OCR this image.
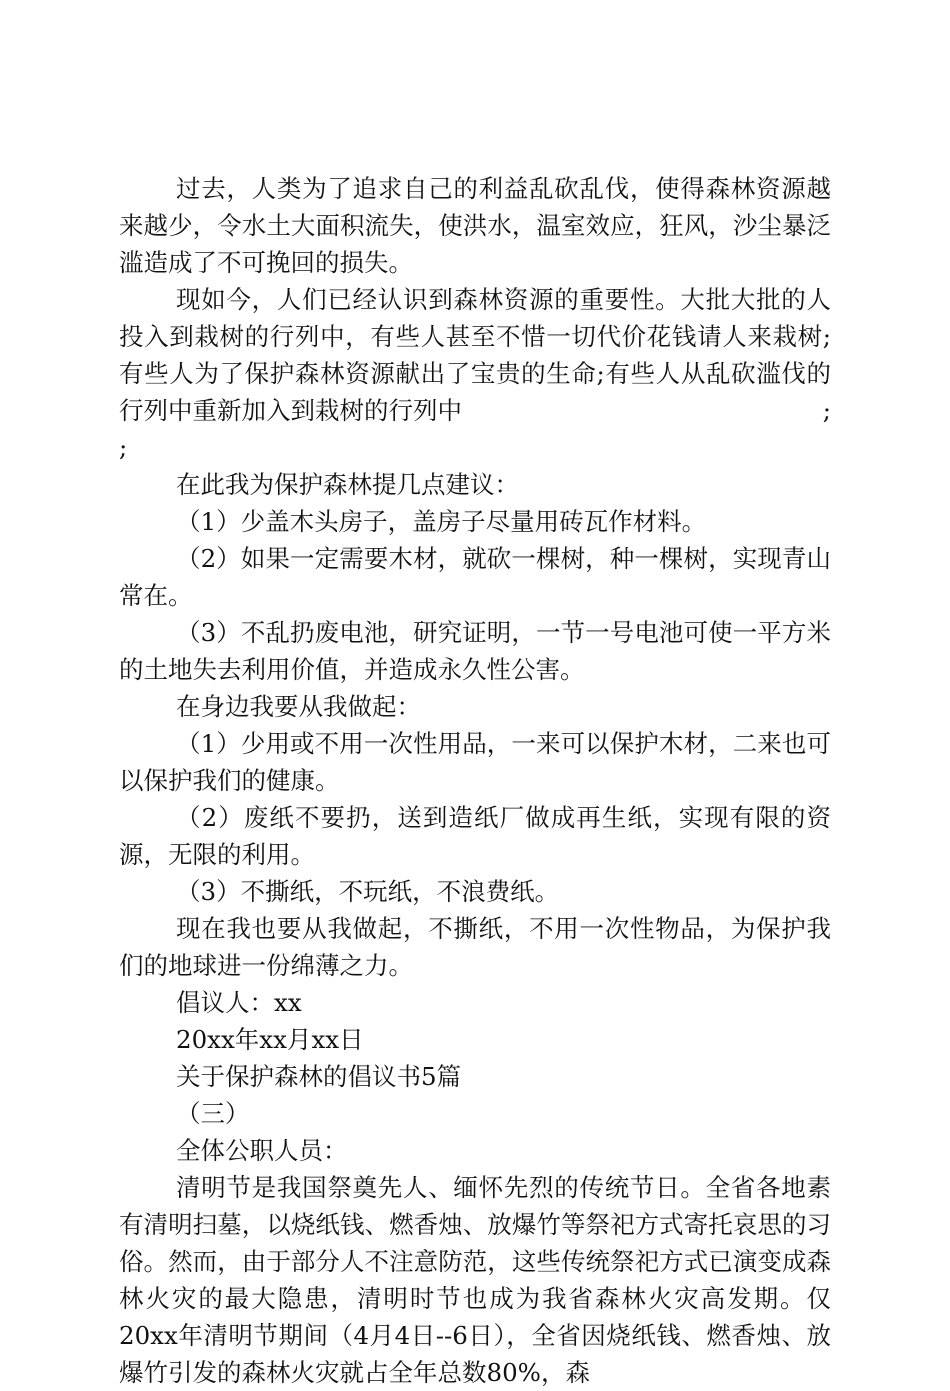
过去，人类为了追求自己的利益乱砍乱伐，使得森林资源越来越少，令水土大面积流失，使洪水，温室效应，狂风，沙尘暴泛滥造成了不可挽回的损失。

现如今，人们已经认识到森林资源的重要性。大批大批的人投入到栽树的行列中，有些人甚至不惜一切代价花钱请人来栽树;有些人为了保护森林资源献出了宝贵的生命;有些人从乱砍滥伐的行列中重新加入到栽树的行列中	;

;

在此我为保护森林提几点建议：

（1）少盖木头房子，盖房子尽量用砖瓦作材料。

（2）如果一定需要木材，就砍一棵树，种一棵树，实现青山常在。

（3）不乱扔废电池，研究证明，一节一号电池可使一平方米的土地失去利用价值，并造成永久性公害。

在身边我要从我做起：

（1）少用或不用一次性用品，一来可以保护木材，二来也可以保护我们的健康。

（2）废纸不要扔，送到造纸厂做成再生纸，实现有限的资源，无限的利用。

（3）不撕纸，不玩纸，不浪费纸。

现在我也要从我做起，不撕纸，不用一次性物品，为保护我们的地球进一份绵薄之力。

倡议人：xx

20xx年xx月xx日

关于保护森林的倡议书5篇

（三）

全体公职人员：

清明节是我国祭奠先人、缅怀先烈的传统节日。全省各地素有清明扫墓，以烧纸钱、燃香烛、放爆竹等祭祀方式寄托哀思的习俗。然而，由于部分人不注意防范，这些传统祭祀方式已演变成森林火灾的最大隐患，清明时节也成为我省森林火灾高发期。仅20xx年清明节期间（4月4日--6日），全省因烧纸钱、燃香烛、放爆竹引发的森林火灾就占全年总数80%，森
